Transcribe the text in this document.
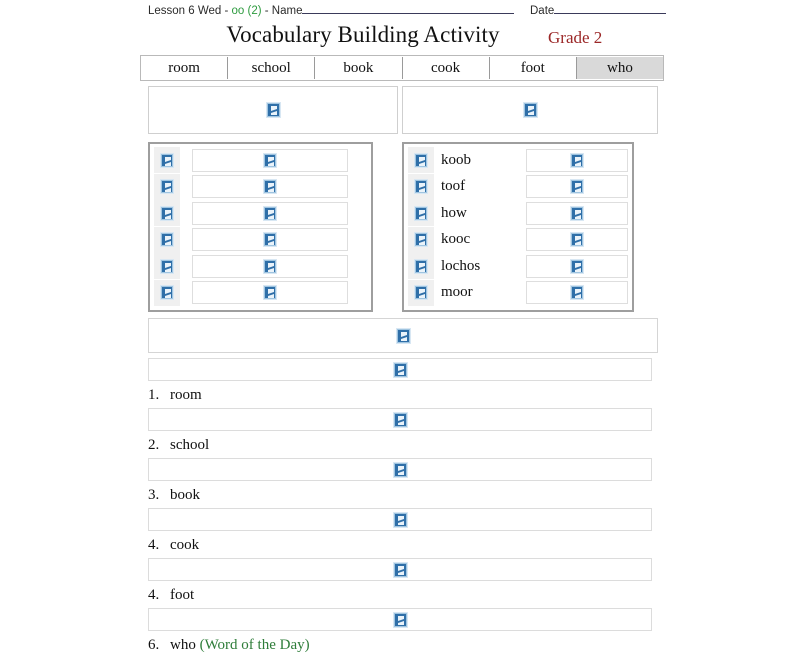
Lesson 6 Wed - oo (2) - Name	Date
Vocabulary Building Activity	Grade 2
room	school	book	cook	foot	who
koob
toof
how
kooc
lochos
moor
1. room
2. school
3. book
4. cook
4. foot
6. who (Word of the Day)
